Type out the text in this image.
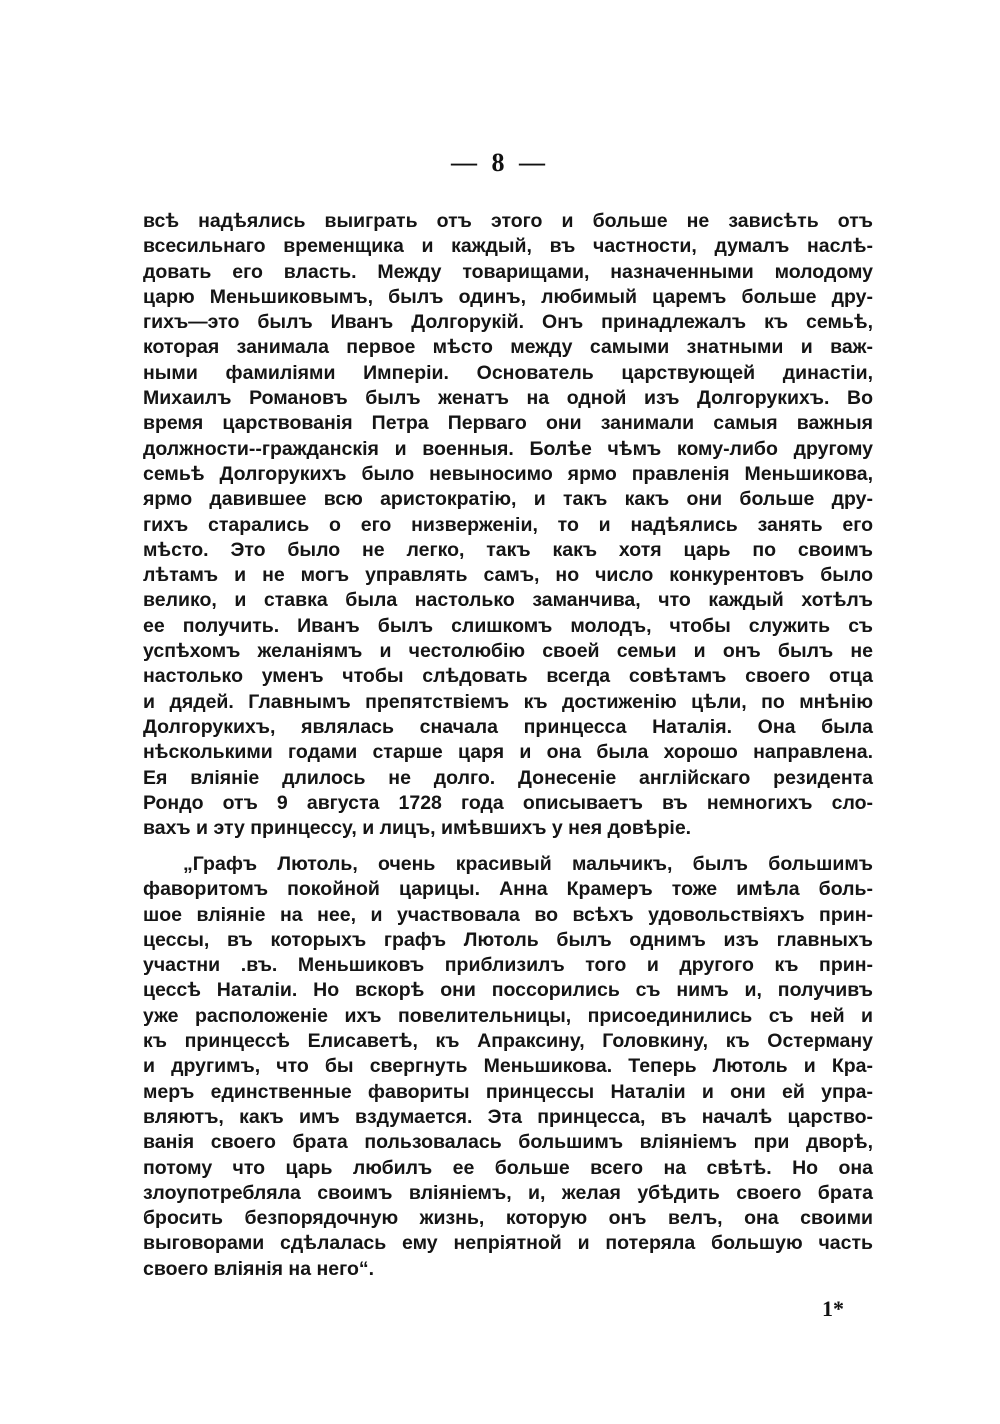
— 8 —
всѣ надѣялись выиграть отъ этого и больше не зависѣть отъ
всесильнаго временщика и каждый, въ частности, думалъ наслѣ-
довать его власть. Между товарищами, назначенными молодому
царю Меньшиковымъ, былъ одинъ, любимый царемъ больше дру-
гихъ—это былъ Иванъ Долгорукій. Онъ принадлежалъ къ семьѣ,
которая занимала первое мѣсто между самыми знатными и важ-
ными фамиліями Имперіи. Основатель царствующей династіи,
Михаилъ Романовъ былъ женатъ на одной изъ Долгорукихъ. Во
время царствованія Петра Перваго они занимали самыя важныя
должности--гражданскія и военныя. Болѣе чѣмъ кому-либо другому
семьѣ Долгорукихъ было невыносимо ярмо правленія Меньшикова,
ярмо давившее всю аристократію, и такъ какъ они больше дру-
гихъ старались о его низверженіи, то и надѣялись занять его
мѣсто. Это было не легко, такъ какъ хотя царь по своимъ
лѣтамъ и не могъ управлять самъ, но число конкурентовъ было
велико, и ставка была настолько заманчива, что каждый хотѣлъ
ее получить. Иванъ былъ слишкомъ молодъ, чтобы служить съ
успѣхомъ желаніямъ и честолюбію своей семьи и онъ былъ не
настолько уменъ чтобы слѣдовать всегда совѣтамъ своего отца
и дядей. Главнымъ препятствіемъ къ достиженію цѣли, по мнѣнію
Долгорукихъ, являлась сначала принцесса Наталія. Она была
нѣсколькими годами старше царя и она была хорошо направлена.
Ея вліяніе длилось не долго. Донесеніе англійскаго резидента
Рондо отъ 9 августа 1728 года описываетъ въ немногихъ сло-
вахъ и эту принцессу, и лицъ, имѣвшихъ у нея довѣріе.
„Графъ Лютоль, очень красивый мальчикъ, былъ большимъ
фаворитомъ покойной царицы. Анна Крамеръ тоже имѣла боль-
шое вліяніе на нее, и участвовала во всѣхъ удовольствіяхъ прин-
цессы, въ которыхъ графъ Лютоль былъ однимъ изъ главныхъ
участни .въ. Меньшиковъ приблизилъ того и другого къ прин-
цессѣ Наталіи. Но вскорѣ они поссорились съ нимъ и, получивъ
уже расположеніе ихъ повелительницы, присоединились съ ней и
къ принцессѣ Елисаветѣ, къ Апраксину, Головкину, къ Остерману
и другимъ, что бы свергнуть Меньшикова. Теперь Лютоль и Кра-
меръ единственные фавориты принцессы Наталіи и они ей упра-
вляютъ, какъ имъ вздумается. Эта принцесса, въ началѣ царство-
ванія своего брата пользовалась большимъ вліяніемъ при дворѣ,
потому что царь любилъ ее больше всего на свѣтѣ. Но она
злоупотребляла своимъ вліяніемъ, и, желая убѣдить своего брата
бросить безпорядочную жизнь, которую онъ велъ, она своими
выговорами сдѣлалась ему непріятной и потеряла большую часть
своего вліянія на него“.
1*
